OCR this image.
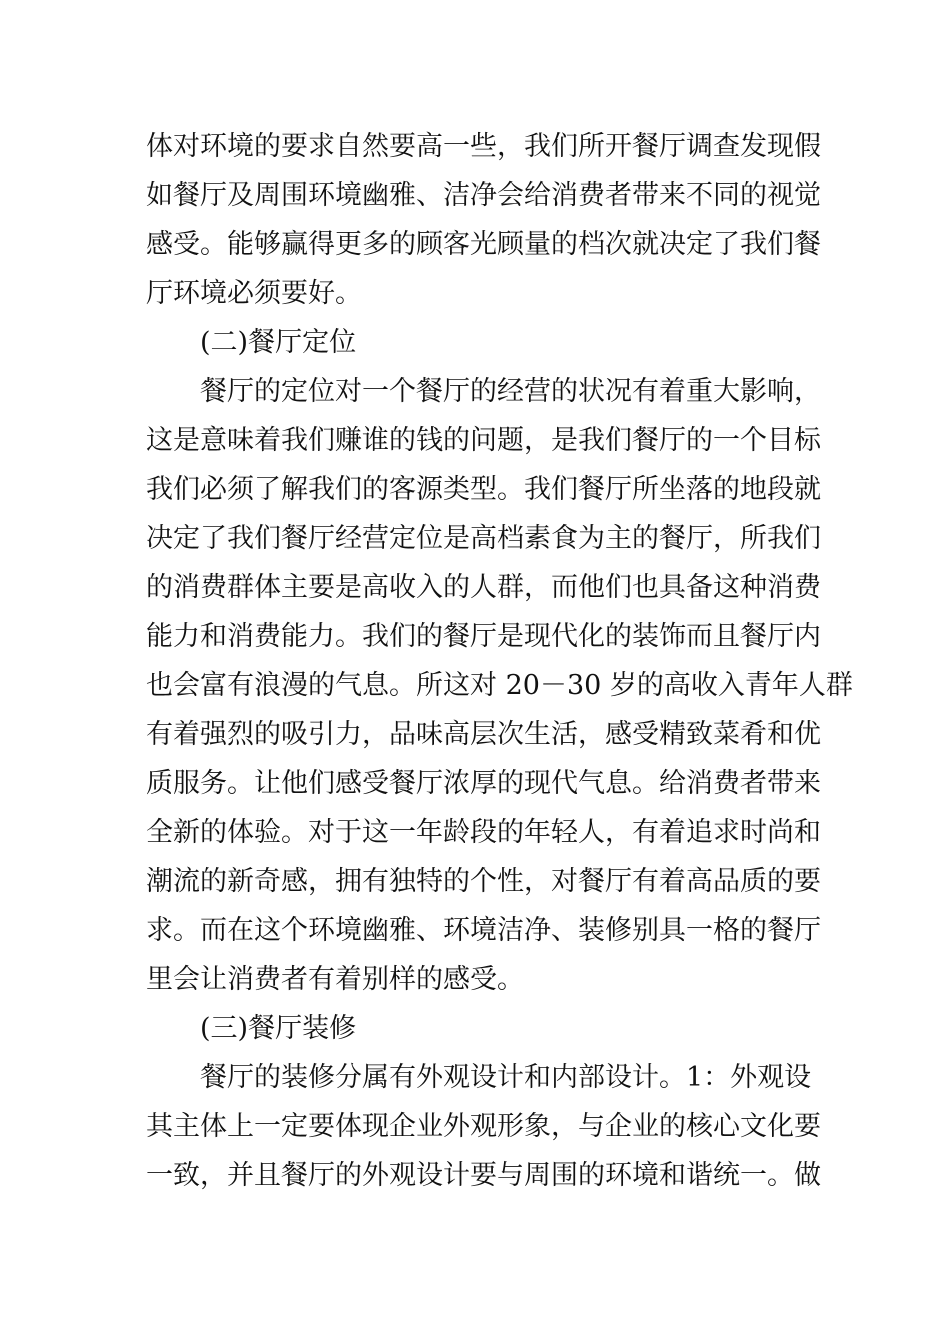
体对环境的要求自然要高一些，我们所开餐厅调查发现假
如餐厅及周围环境幽雅、洁净会给消费者带来不同的视觉
感受。能够赢得更多的顾客光顾量的档次就决定了我们餐
厅环境必须要好。
(二)餐厅定位
餐厅的定位对一个餐厅的经营的状况有着重大影响，
这是意味着我们赚谁的钱的问题，是我们餐厅的一个目标
我们必须了解我们的客源类型。我们餐厅所坐落的地段就
决定了我们餐厅经营定位是高档素食为主的餐厅，所我们
的消费群体主要是高收入的人群，而他们也具备这种消费
能力和消费能力。我们的餐厅是现代化的装饰而且餐厅内
也会富有浪漫的气息。所这对 20－30 岁的高收入青年人群
有着强烈的吸引力，品味高层次生活，感受精致菜肴和优
质服务。让他们感受餐厅浓厚的现代气息。给消费者带来
全新的体验。对于这一年龄段的年轻人，有着追求时尚和
潮流的新奇感，拥有独特的个性，对餐厅有着高品质的要
求。而在这个环境幽雅、环境洁净、装修别具一格的餐厅
里会让消费者有着别样的感受。
(三)餐厅装修
餐厅的装修分属有外观设计和内部设计。1：外观设
其主体上一定要体现企业外观形象，与企业的核心文化要
一致，并且餐厅的外观设计要与周围的环境和谐统一。做
